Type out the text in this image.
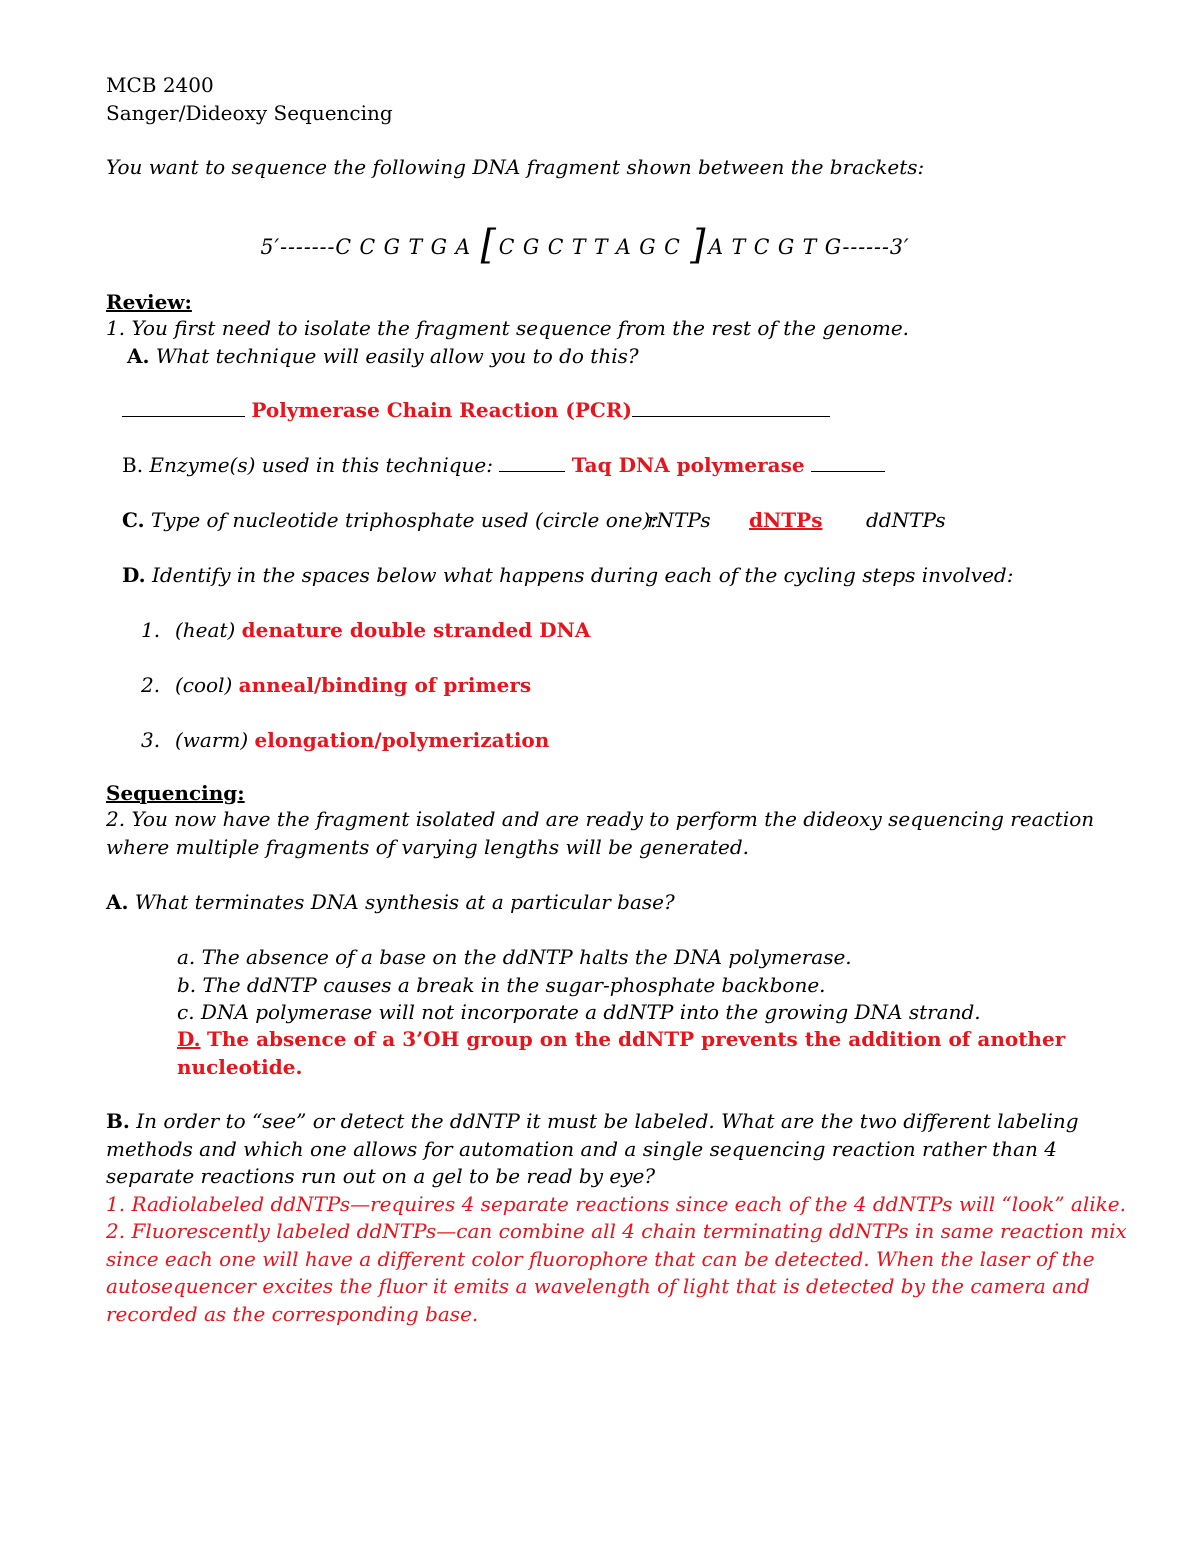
MCB 2400
Sanger/Dideoxy Sequencing
You want to sequence the following DNA fragment shown between the brackets:
5′-------C C G T G A [C G C T T A G C ]A T C G T G------3′
Review:
1. You first need to isolate the fragment sequence from the rest of the genome.
A. What technique will easily allow you to do this?
Polymerase Chain Reaction (PCR)
B. Enzyme(s) used in this technique:	Taq DNA polymerase
C. Type of nucleotide triphosphate used (circle one):
rNTPs dNTPs ddNTPs
D. Identify in the spaces below what happens during each of the cycling steps involved:
1. (heat) denature double stranded DNA
2. (cool) anneal/binding of primers
3. (warm) elongation/polymerization
Sequencing:
2. You now have the fragment isolated and are ready to perform the dideoxy sequencing reaction
where multiple fragments of varying lengths will be generated.
A. What terminates DNA synthesis at a particular base?
a. The absence of a base on the ddNTP halts the DNA polymerase.
b. The ddNTP causes a break in the sugar-phosphate backbone.
c. DNA polymerase will not incorporate a ddNTP into the growing DNA strand.
D. The absence of a 3’OH group on the ddNTP prevents the addition of another
nucleotide.
B. In order to “see” or detect the ddNTP it must be labeled. What are the two different labeling
methods and which one allows for automation and a single sequencing reaction rather than 4
separate reactions run out on a gel to be read by eye?
1. Radiolabeled ddNTPs—requires 4 separate reactions since each of the 4 ddNTPs will “look” alike.
2. Fluorescently labeled ddNTPs—can combine all 4 chain terminating ddNTPs in same reaction mix
since each one will have a different color fluorophore that can be detected. When the laser of the
autosequencer excites the fluor it emits a wavelength of light that is detected by the camera and
recorded as the corresponding base.
